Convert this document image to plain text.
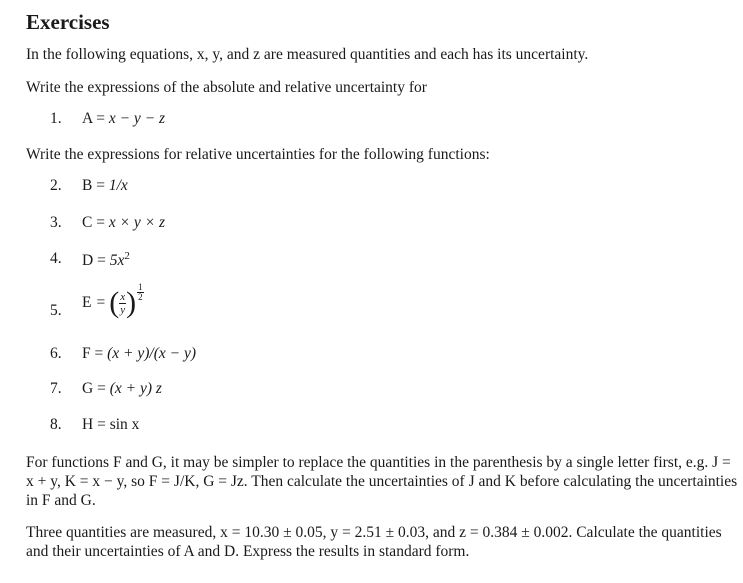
Exercises
In the following equations, x, y, and z are measured quantities and each has its uncertainty.
Write the expressions of the absolute and relative uncertainty for
1. A = x − y − z
Write the expressions for relative uncertainties for the following functions:
2. B = 1/x
3. C = x × y × z
4. $D = 5x^2$
5. E = ( $\frac{x}{y}$ ) $\frac{1}{2}$
6. F = (x + y)/(x − y)
7. G = (x + y) z
8. H = sin x
For functions F and G, it may be simpler to replace the quantities in the parenthesis by a single letter first, e.g. J = x + y, K = x − y, so F = J/K, G = Jz. Then calculate the uncertainties of J and K before calculating the uncertainties in F and G.
Three quantities are measured, x = 10.30 ± 0.05, y = 2.51 ± 0.03, and z = 0.384 ± 0.002. Calculate the quantities and their uncertainties of A and D. Express the results in standard form.
